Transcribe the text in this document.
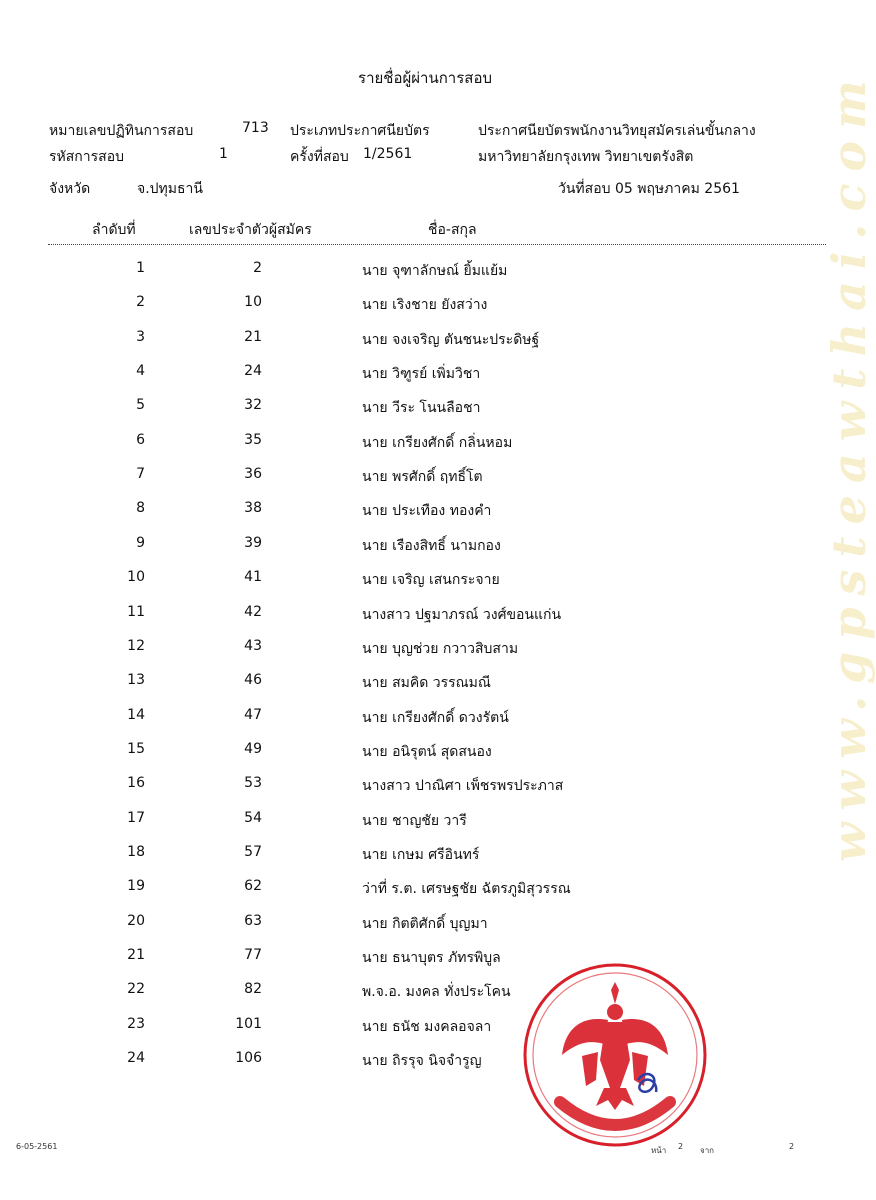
รายชื่อผู้ผ่านการสอบ
หมายเลขปฏิทินการสอบ	713 ประเภทประกาศนียบัตร	ประกาศนียบัตรพนักงานวิทยุสมัครเล่นขั้นกลาง
รหัสการสอบ	1	ครั้งที่สอบ 1/2561	มหาวิทยาลัยกรุงเทพ วิทยาเขตรังสิต
จังหวัด	จ.ปทุมธานี	วันที่สอบ 05 พฤษภาคม 2561
ลำดับที่	เลขประจำตัวผู้สมัคร	ชื่อ-สกุล
1	2	นาย จุฑาลักษณ์ ยิ้มแย้ม
2	10	นาย เริงชาย ยังสว่าง
3	21	นาย จงเจริญ ตันชนะประดิษฐ์
4	24	นาย วิฑูรย์ เพิ่มวิชา
5	32	นาย วีระ โนนลือชา
6	35	นาย เกรียงศักดิ์ กลิ่นหอม
7	36	นาย พรศักดิ์ ฤทธิ์โต
8	38	นาย ประเทือง ทองคำ
9	39	นาย เรืองสิทธิ์ นามกอง
10	41	นาย เจริญ เสนกระจาย
11	42	นางสาว ปฐมาภรณ์ วงศ์ขอนแก่น
12	43	นาย บุญช่วย กวาวสิบสาม
13	46	นาย สมคิด วรรณมณี
14	47	นาย เกรียงศักดิ์ ดวงรัตน์
15	49	นาย อนิรุตน์ สุดสนอง
16	53	นางสาว ปาณิศา เพ็ชรพรประภาส
17	54	นาย ชาญชัย วารี
18	57	นาย เกษม ศรีอินทร์
19	62	ว่าที่ ร.ต. เศรษฐชัย ฉัตรภูมิสุวรรณ
20	63	นาย กิตติศักดิ์ บุญมา
21	77	นาย ธนาบุตร ภัทรพิบูล
22	82	พ.จ.อ. มงคล ทั่งประโคน
23	101	นาย ธนัช มงคลอจลา
24	106	นาย ถิรรุจ นิจจำรูญ
www.gpsteawthai.com
6-05-2561	หน้า 2 จาก	2
